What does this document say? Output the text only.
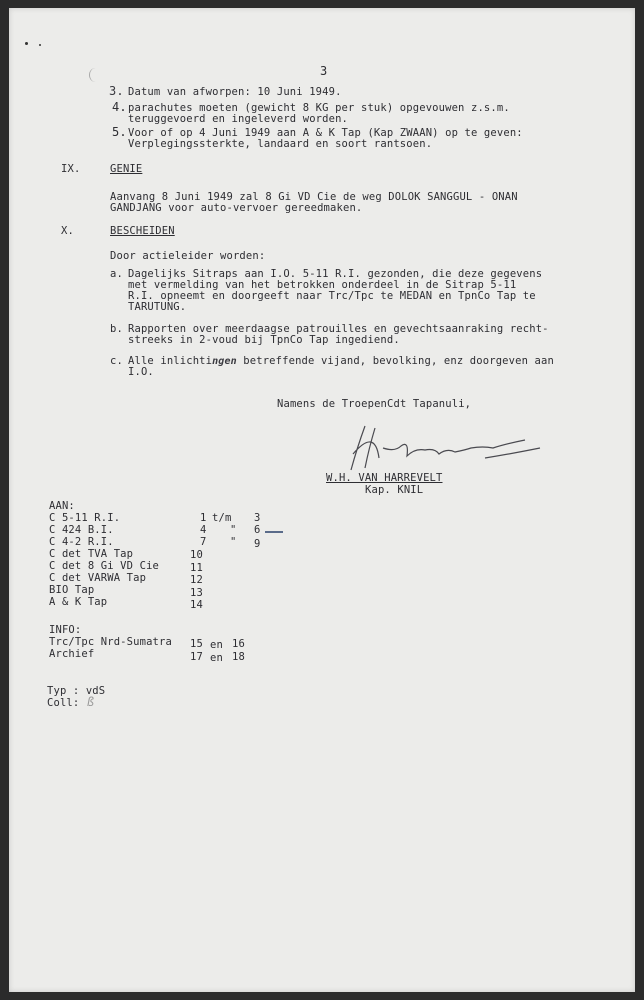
3
3. Datum van afworpen: 10 Juni 1949.
4. parachutes moeten (gewicht 8 KG per stuk) opgevouwen z.s.m.
teruggevoerd en ingeleverd worden.
5. Voor of op 4 Juni 1949 aan A & K Tap (Kap ZWAAN) op te geven:
Verplegingssterkte, landaard en soort rantsoen.
IX.	GENIE
Aanvang 8 Juni 1949 zal 8 Gi VD Cie de weg DOLOK SANGGUL - ONAN
GANDJANG voor auto-vervoer gereedmaken.
X.	BESCHEIDEN
Door actieleider worden:
a. Dagelijks Sitraps aan I.O. 5-11 R.I. gezonden, die deze gegevens
met vermelding van het betrokken onderdeel in de Sitrap 5-11
R.I. opneemt en doorgeeft naar Trc/Tpc te MEDAN en TpnCo Tap te
TARUTUNG.
b. Rapporten over meerdaagse patrouilles en gevechtsaanraking recht-
streeks in 2-voud bij TpnCo Tap ingediend.
c. Alle inlichtingen betreffende vijand, bevolking, enz doorgeven aan
I.O.
Namens de TroepenCdt Tapanuli,
W.H. VAN HARREVELT
Kap. KNIL
AAN:
C 5-11 R.I.	1 t/m 3
C 424 B.I.	4 " 6
C 4-2 R.I.	7 " 9
C det TVA Tap	10
C det 8 Gi VD Cie	11
C det VARWA Tap	12
BIO Tap	13
A & K Tap	14
INFO:
Trc/Tpc Nrd-Sumatra 15 en 16
Archief	17 en 18
Typ : vdS
Coll: ß
